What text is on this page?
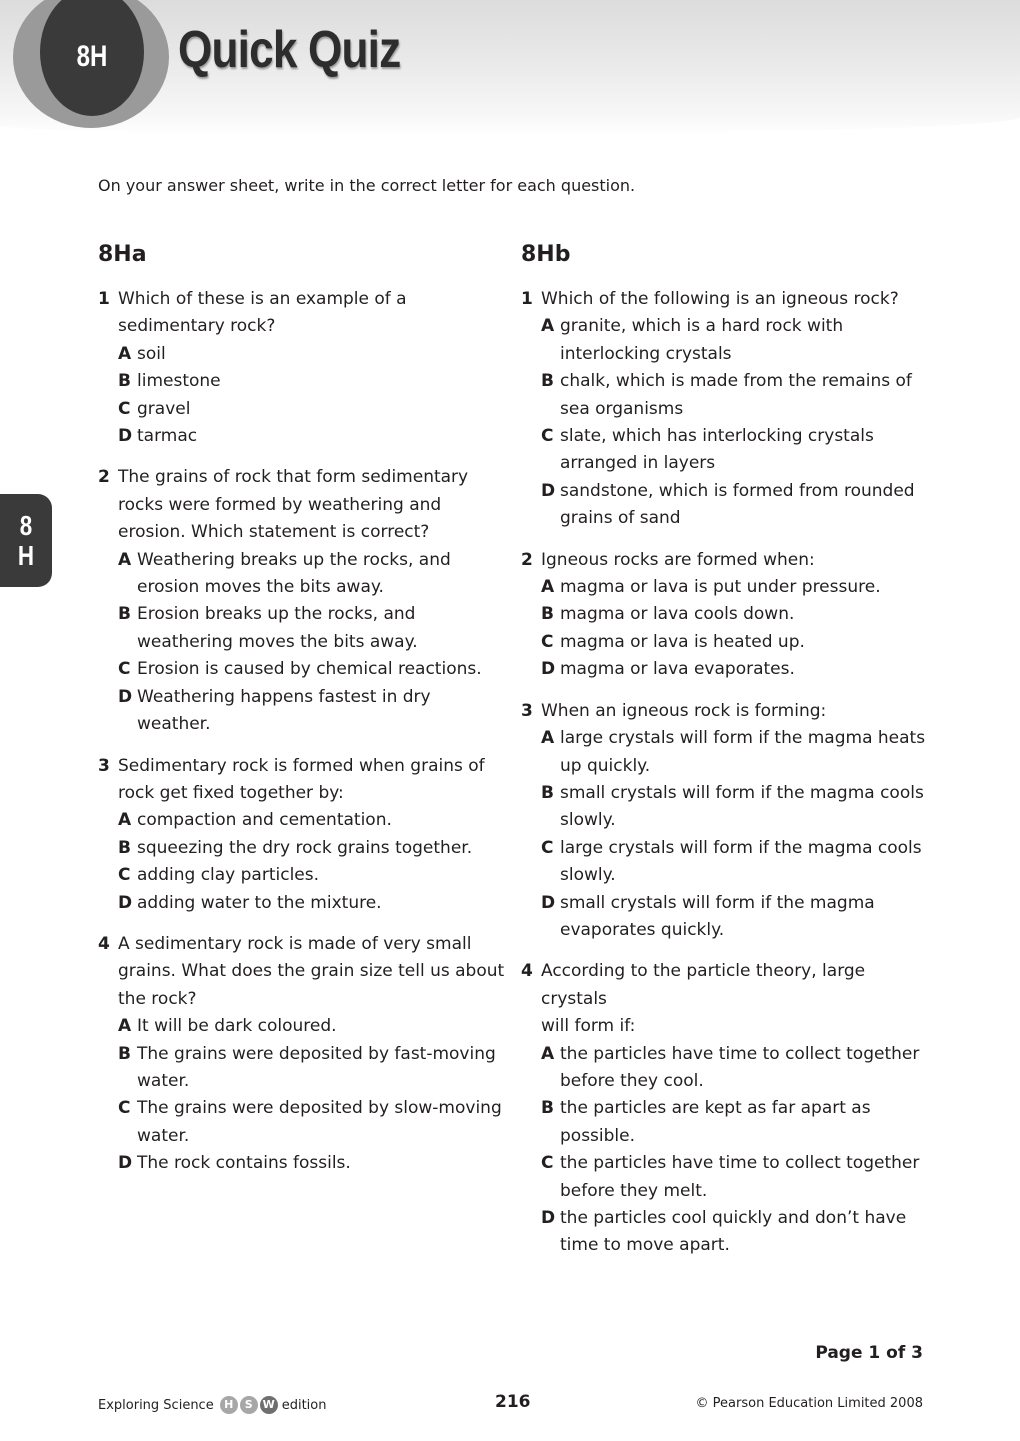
8H	Quick Quiz
On your answer sheet, write in the correct letter for each question.
8Ha	8Hb
1 Which of these is an example of a
sedimentary rock?
A soil
B limestone
C gravel
D tarmac
2 The grains of rock that form sedimentary
rocks were formed by weathering and
erosion. Which statement is correct?
A Weathering breaks up the rocks, and
erosion moves the bits away.
B Erosion breaks up the rocks, and
weathering moves the bits away.
C Erosion is caused by chemical reactions.
D Weathering happens fastest in dry weather.
3 Sedimentary rock is formed when grains of
rock get fixed together by:
A compaction and cementation.
B squeezing the dry rock grains together.
C adding clay particles.
D adding water to the mixture.
4 A sedimentary rock is made of very small
grains. What does the grain size tell us about
the rock?
A It will be dark coloured.
B The grains were deposited by fast-moving
water.
C The grains were deposited by slow-moving
water.
D The rock contains fossils.
1 Which of the following is an igneous rock?
A granite, which is a hard rock with
interlocking crystals
B chalk, which is made from the remains of
sea organisms
C slate, which has interlocking crystals
arranged in layers
D sandstone, which is formed from rounded
grains of sand
2 Igneous rocks are formed when:
A magma or lava is put under pressure.
B magma or lava cools down.
C magma or lava is heated up.
D magma or lava evaporates.
3 When an igneous rock is forming:
A large crystals will form if the magma heats
up quickly.
B small crystals will form if the magma cools
slowly.
C large crystals will form if the magma cools
slowly.
D small crystals will form if the magma
evaporates quickly.
4 According to the particle theory, large crystals
will form if:
A the particles have time to collect together
before they cool.
B the particles are kept as far apart as
possible.
C the particles have time to collect together
before they melt.
D the particles cool quickly and don’t have
time to move apart.
8
H
Page 1 of 3
Exploring Science H	S W edition	216	© Pearson Education Limited 2008
